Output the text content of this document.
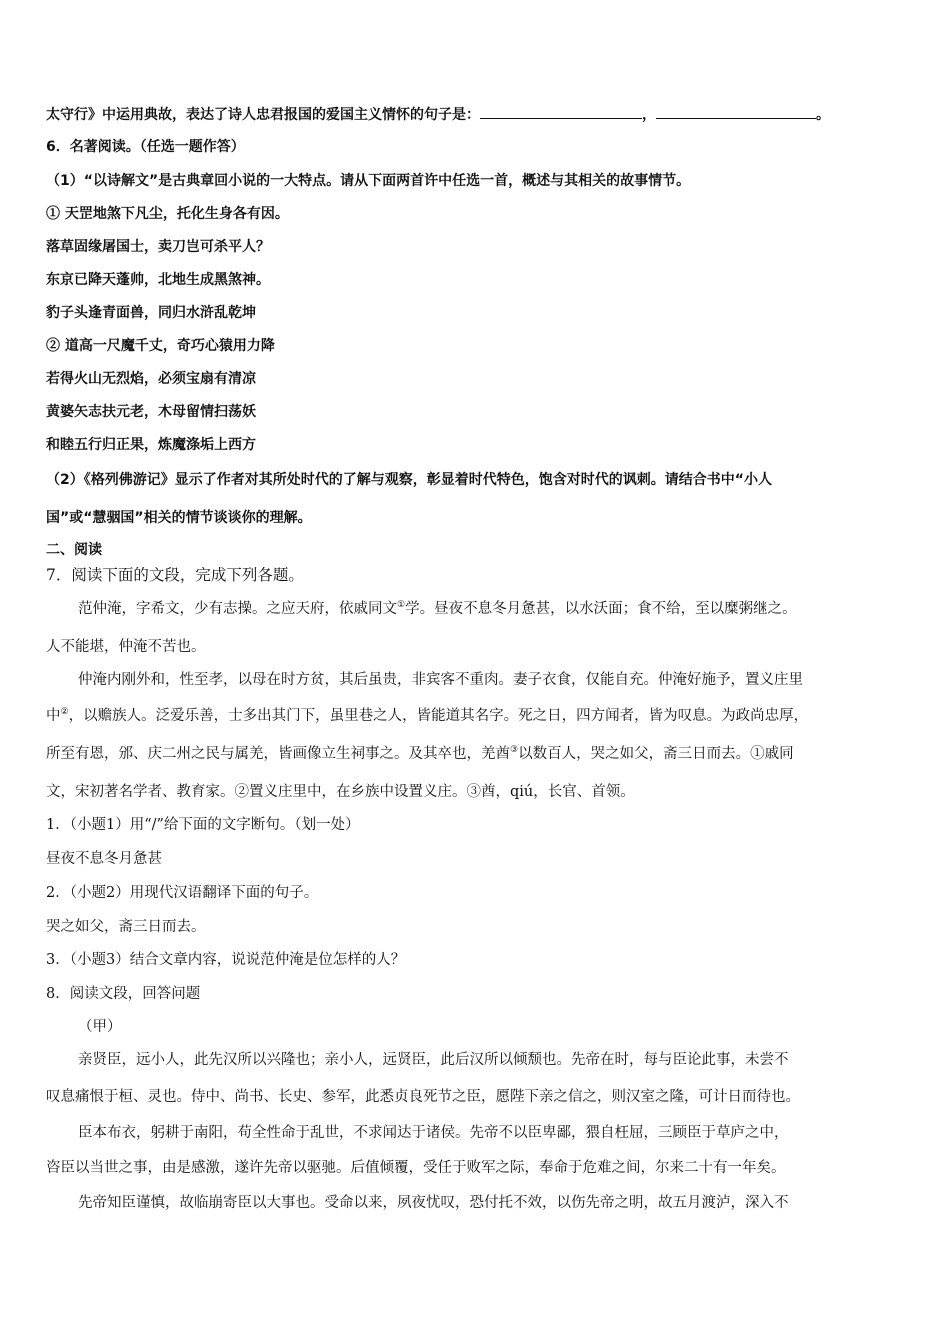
太守行》中运用典故，表达了诗人忠君报国的爱国主义情怀的句子是：	，	。

6．名著阅读。（任选一题作答）

（1）“以诗解文”是古典章回小说的一大特点。请从下面两首许中任选一首，概述与其相关的故事情节。

① 天罡地煞下凡尘，托化生身各有因。

落草固缘屠国士，卖刀岂可杀平人？

东京已降天蓬帅，北地生成黑煞神。

豹子头逢青面兽，同归水浒乱乾坤

② 道高一尺魔千丈，奇巧心猿用力降

若得火山无烈焰，必须宝扇有清凉

黄婆矢志扶元老，木母留情扫荡妖

和睦五行归正果，炼魔涤垢上西方

（2）《格列佛游记》显示了作者对其所处时代的了解与观察，彰显着时代特色，饱含对时代的讽刺。请结合书中“小人

国”或“慧骃国”相关的情节谈谈你的理解。

二、阅读

7．阅读下面的文段，完成下列各题。

范仲淹，字希文，少有志操。之应天府，依戚同文①学。昼夜不息冬月惫甚，以水沃面；食不给，至以糜粥继之。

人不能堪，仲淹不苦也。

仲淹内刚外和，性至孝，以母在时方贫，其后虽贵，非宾客不重肉。妻子衣食，仅能自充。仲淹好施予，置义庄里

中②，以赡族人。泛爱乐善，士多出其门下，虽里巷之人，皆能道其名字。死之日，四方闻者，皆为叹息。为政尚忠厚，

所至有恩，邠、庆二州之民与属羌，皆画像立生祠事之。及其卒也，羌酋③以数百人，哭之如父，斋三日而去。①戚同

文，宋初著名学者、教育家。②置义庄里中，在乡族中设置义庄。③酋，qiú，长官、首领。

1．（小题1）用“/”给下面的文字断句。（划一处）

昼夜不息冬月惫甚

2．（小题2）用现代汉语翻译下面的句子。

哭之如父，斋三日而去。

3．（小题3）结合文章内容，说说范仲淹是位怎样的人？

8．阅读文段，回答问题

（甲）

亲贤臣，远小人，此先汉所以兴隆也；亲小人，远贤臣，此后汉所以倾颓也。先帝在时，每与臣论此事，未尝不

叹息痛恨于桓、灵也。侍中、尚书、长史、参军，此悉贞良死节之臣，愿陛下亲之信之，则汉室之隆，可计日而待也。

臣本布衣，躬耕于南阳，苟全性命于乱世，不求闻达于诸侯。先帝不以臣卑鄙，猥自枉屈，三顾臣于草庐之中，

咨臣以当世之事，由是感激，遂许先帝以驱驰。后值倾覆，受任于败军之际，奉命于危难之间，尔来二十有一年矣。

先帝知臣谨慎，故临崩寄臣以大事也。受命以来，夙夜忧叹，恐付托不效，以伤先帝之明，故五月渡泸，深入不
